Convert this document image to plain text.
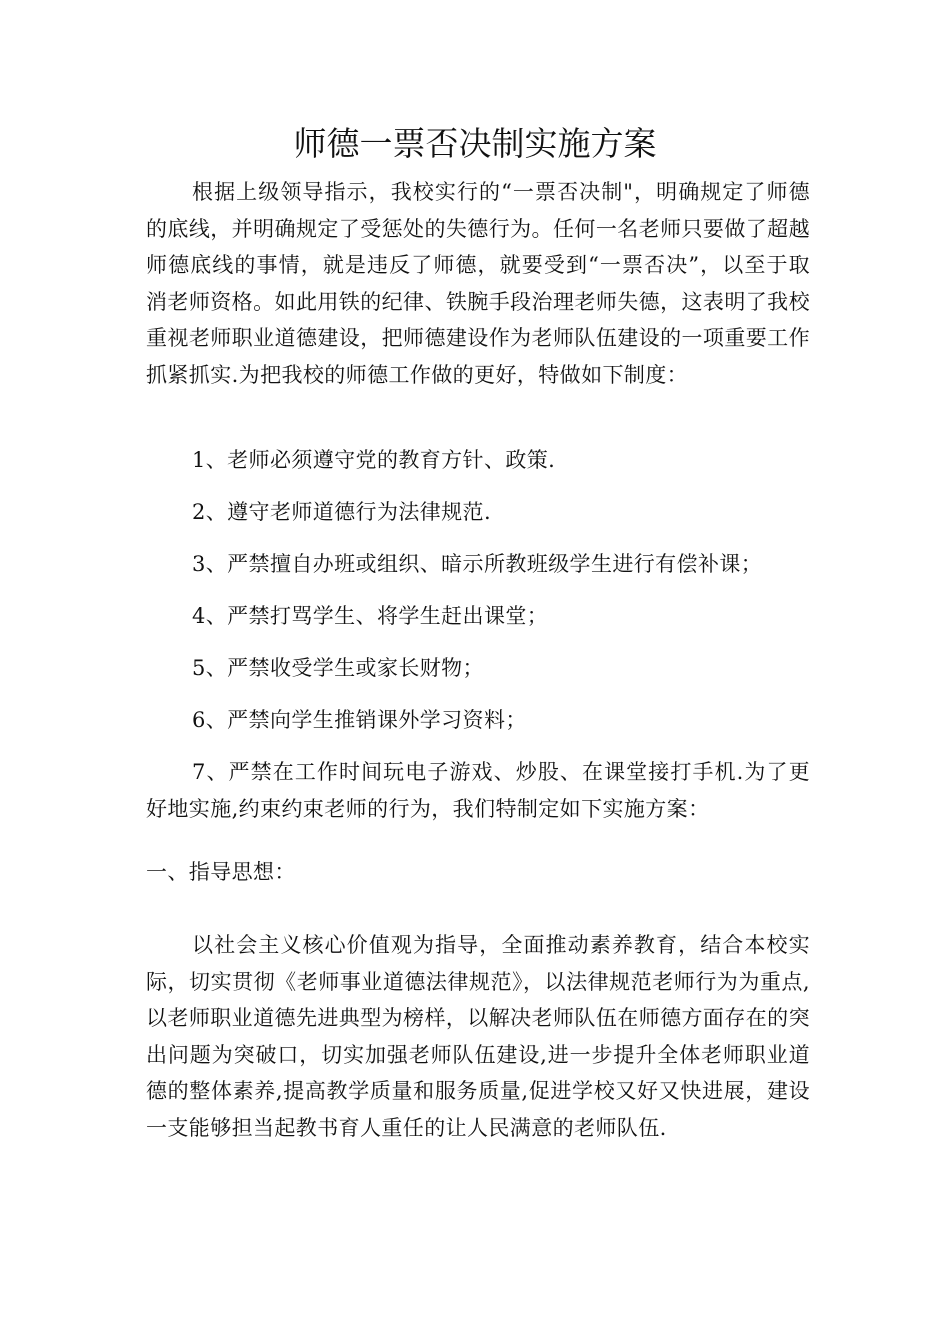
师德一票否决制实施方案

根据上级领导指示，我校实行的“一票否决制"，明确规定了师德的底线，并明确规定了受惩处的失德行为。任何一名老师只要做了超越师德底线的事情，就是违反了师德，就要受到“一票否决”，以至于取消老师资格。如此用铁的纪律、铁腕手段治理老师失德，这表明了我校重视老师职业道德建设，把师德建设作为老师队伍建设的一项重要工作抓紧抓实.为把我校的师德工作做的更好，特做如下制度：

1、老师必须遵守党的教育方针、政策.

2、遵守老师道德行为法律规范.

3、严禁擅自办班或组织、暗示所教班级学生进行有偿补课；

4、严禁打骂学生、将学生赶出课堂；

5、严禁收受学生或家长财物；

6、严禁向学生推销课外学习资料；

7、严禁在工作时间玩电子游戏、炒股、在课堂接打手机.为了更好地实施,约束约束老师的行为，我们特制定如下实施方案：

一、指导思想：

以社会主义核心价值观为指导，全面推动素养教育，结合本校实际，切实贯彻《老师事业道德法律规范》，以法律规范老师行为为重点,以老师职业道德先进典型为榜样，以解决老师队伍在师德方面存在的突出问题为突破口，切实加强老师队伍建设,进一步提升全体老师职业道德的整体素养,提高教学质量和服务质量,促进学校又好又快进展，建设一支能够担当起教书育人重任的让人民满意的老师队伍.
